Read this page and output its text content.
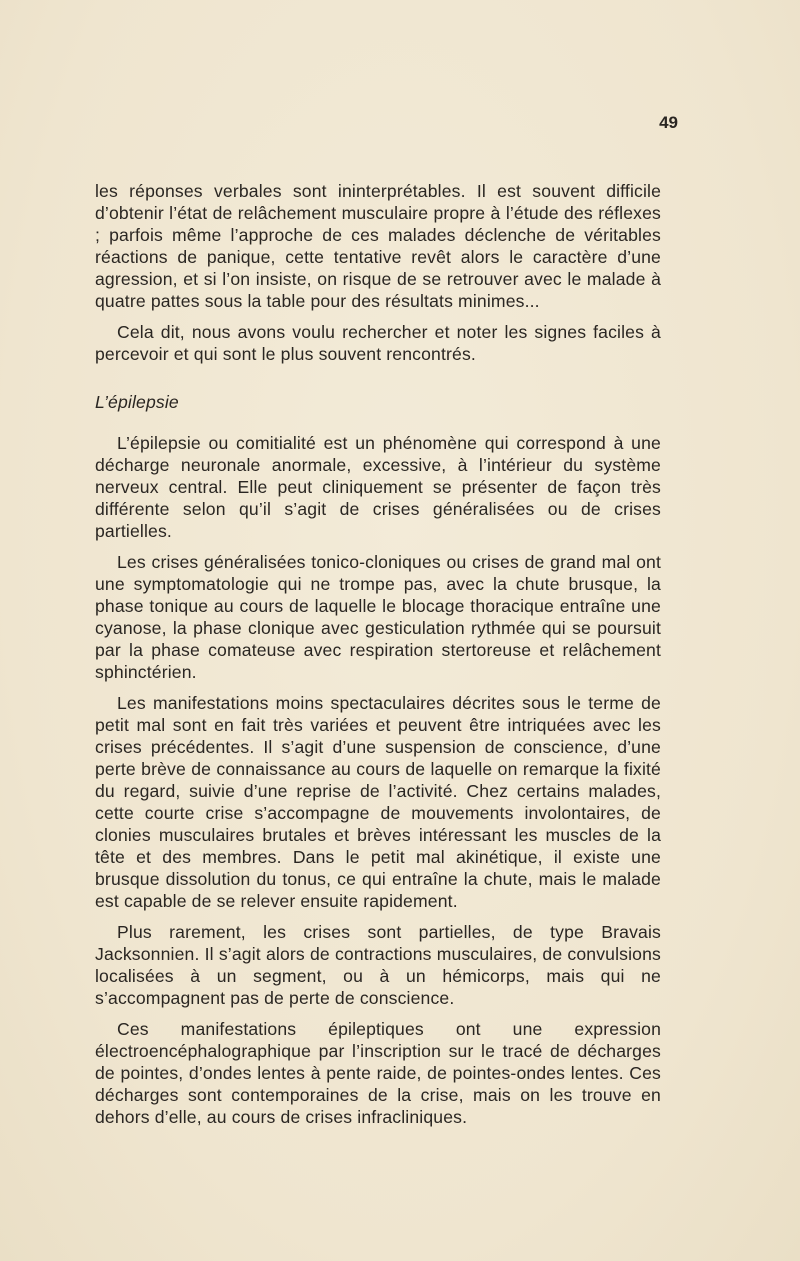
49

les réponses verbales sont ininterprétables. Il est souvent difficile d’obtenir l’état de relâchement musculaire propre à l’étude des réflexes ; parfois même l’approche de ces malades déclenche de véritables réactions de panique, cette tentative revêt alors le caractère d’une agression, et si l’on insiste, on risque de se retrouver avec le malade à quatre pattes sous la table pour des résultats minimes...

Cela dit, nous avons voulu rechercher et noter les signes faciles à percevoir et qui sont le plus souvent rencontrés.

L’épilepsie

L’épilepsie ou comitialité est un phénomène qui correspond à une décharge neuronale anormale, excessive, à l’intérieur du système nerveux central. Elle peut cliniquement se présenter de façon très différente selon qu’il s’agit de crises généralisées ou de crises partielles.

Les crises généralisées tonico-cloniques ou crises de grand mal ont une symptomatologie qui ne trompe pas, avec la chute brusque, la phase tonique au cours de laquelle le blocage thoracique entraîne une cyanose, la phase clonique avec gesticulation rythmée qui se poursuit par la phase comateuse avec respiration stertoreuse et relâchement sphinctérien.

Les manifestations moins spectaculaires décrites sous le terme de petit mal sont en fait très variées et peuvent être intriquées avec les crises précédentes. Il s’agit d’une suspension de conscience, d’une perte brève de connaissance au cours de laquelle on remarque la fixité du regard, suivie d’une reprise de l’activité. Chez certains malades, cette courte crise s’accompagne de mouvements involontaires, de clonies musculaires brutales et brèves intéressant les muscles de la tête et des membres. Dans le petit mal akinétique, il existe une brusque dissolution du tonus, ce qui entraîne la chute, mais le malade est capable de se relever ensuite rapidement.

Plus rarement, les crises sont partielles, de type Bravais Jacksonnien. Il s’agit alors de contractions musculaires, de convulsions localisées à un segment, ou à un hémicorps, mais qui ne s’accompagnent pas de perte de conscience.

Ces manifestations épileptiques ont une expression électroencéphalographique par l’inscription sur le tracé de décharges de pointes, d’ondes lentes à pente raide, de pointes-ondes lentes. Ces décharges sont contemporaines de la crise, mais on les trouve en dehors d’elle, au cours de crises infracliniques.
